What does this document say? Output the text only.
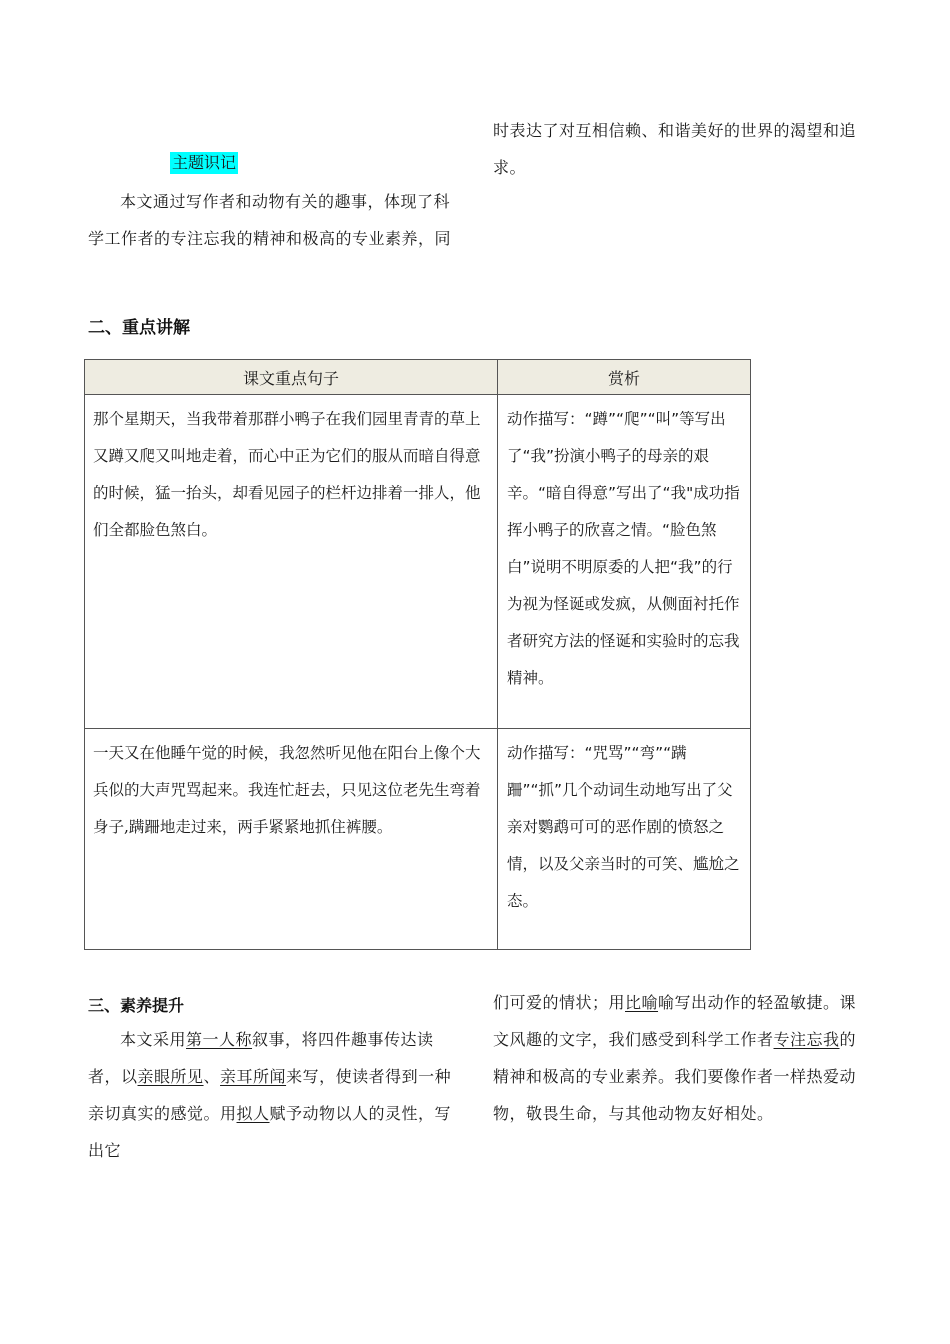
时表达了对互相信赖、和谐美好的世界的渴望和追求。
主题识记
本文通过写作者和动物有关的趣事，体现了科学工作者的专注忘我的精神和极高的专业素养，同
二、重点讲解
课文重点句子	赏析

那个星期天，当我带着那群小鸭子在我们园里青青的草上又蹲又爬又叫地走着，而心中正为它们的服从而暗自得意的时候，猛一抬头，却看见园子的栏杆边排着一排人，他们全都脸色煞白。	动作描写：“蹲”“爬”“叫”等写出了“我”扮演小鸭子的母亲的艰辛。“暗自得意”写出了“我"成功指挥小鸭子的欣喜之情。“脸色煞白”说明不明原委的人把“我”的行为视为怪诞或发疯，从侧面衬托作者研究方法的怪诞和实验时的忘我精神。

一天又在他睡午觉的时候，我忽然听见他在阳台上像个大兵似的大声咒骂起来。我连忙赶去，只见这位老先生弯着身子,蹒跚地走过来，两手紧紧地抓住裤腰。	动作描写：“咒骂”“弯”“蹒跚”“抓”几个动词生动地写出了父亲对鹦鹉可可的恶作剧的愤怒之情，以及父亲当时的可笑、尴尬之态。
三、素养提升
本文采用第一人称叙事，将四件趣事传达读者，以亲眼所见、亲耳所闻来写，使读者得到一种亲切真实的感觉。用拟人赋予动物以人的灵性，写出它
们可爱的情状；用比喻喻写出动作的轻盈敏捷。课文风趣的文字，我们感受到科学工作者专注忘我的精神和极高的专业素养。我们要像作者一样热爱动物，敬畏生命，与其他动物友好相处。
